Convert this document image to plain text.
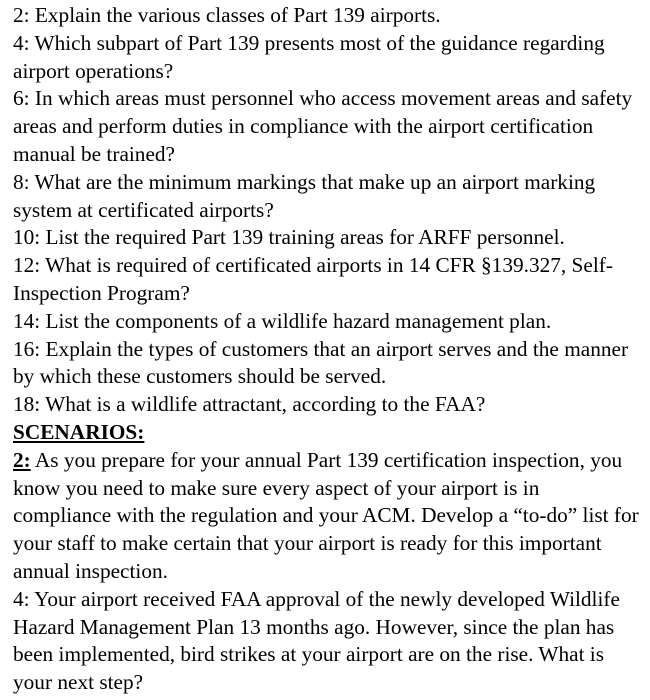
2: Explain the various classes of Part 139 airports.

4: Which subpart of Part 139 presents most of the guidance regarding airport operations?

6: In which areas must personnel who access movement areas and safety areas and perform duties in compliance with the airport certification manual be trained?

8: What are the minimum markings that make up an airport marking system at certificated airports?

10: List the required Part 139 training areas for ARFF personnel.

12: What is required of certificated airports in 14 CFR §139.327, Self-Inspection Program?

14: List the components of a wildlife hazard management plan.

16: Explain the types of customers that an airport serves and the manner by which these customers should be served.

18: What is a wildlife attractant, according to the FAA?

SCENARIOS:

2: As you prepare for your annual Part 139 certification inspection, you know you need to make sure every aspect of your airport is in compliance with the regulation and your ACM. Develop a “to-do” list for your staff to make certain that your airport is ready for this important annual inspection.

4: Your airport received FAA approval of the newly developed Wildlife Hazard Management Plan 13 months ago. However, since the plan has been implemented, bird strikes at your airport are on the rise. What is your next step?
